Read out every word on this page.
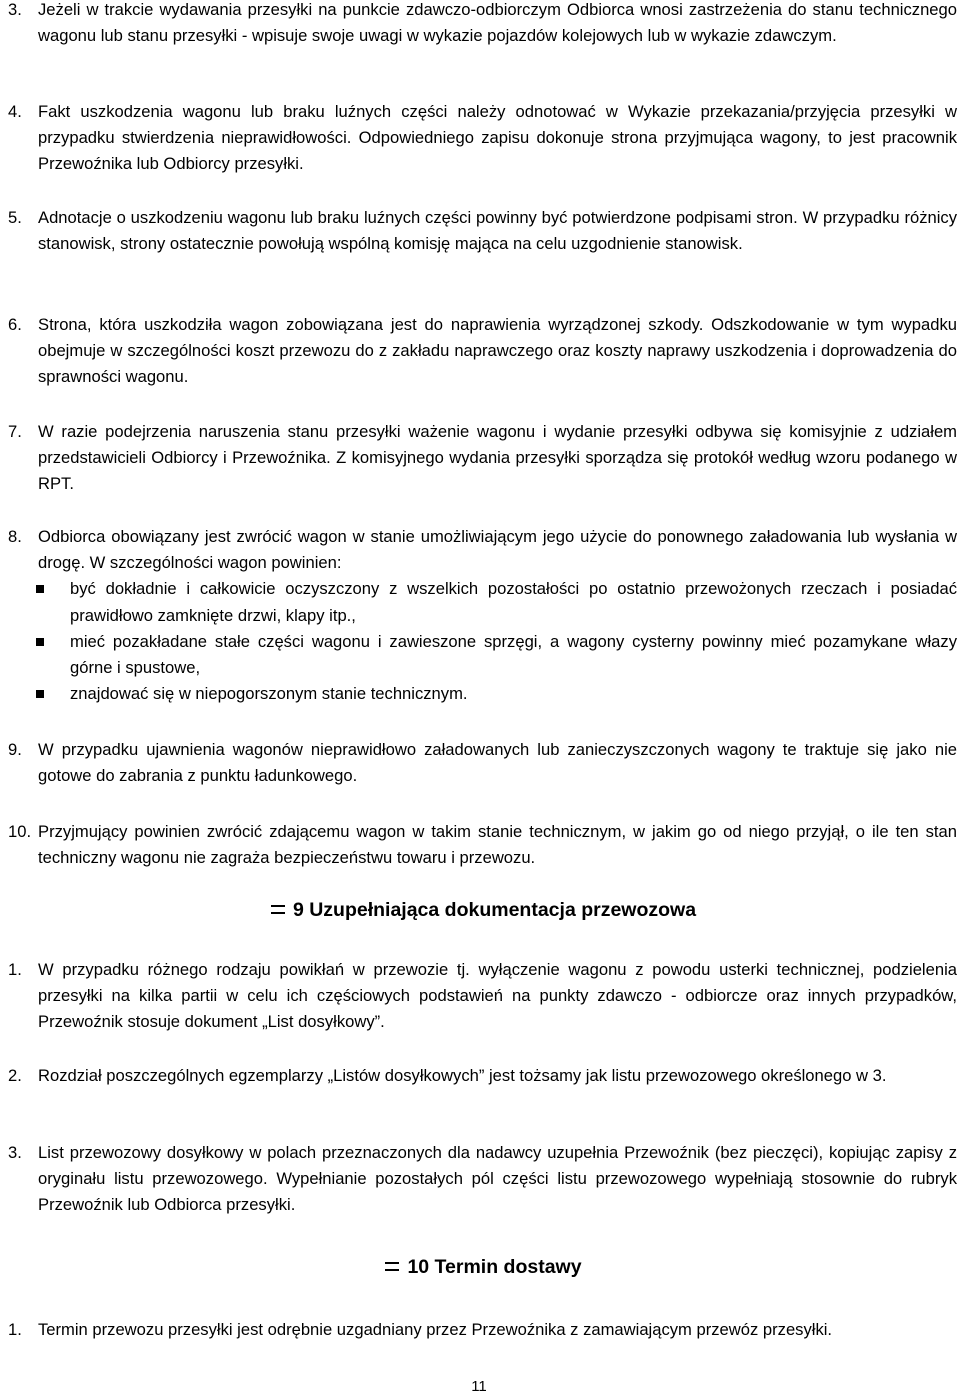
3. Jeżeli w trakcie wydawania przesyłki na punkcie zdawczo-odbiorczym Odbiorca wnosi zastrzeżenia do stanu technicznego wagonu lub stanu przesyłki - wpisuje swoje uwagi w wykazie pojazdów kolejowych lub w wykazie zdawczym.

4. Fakt uszkodzenia wagonu lub braku luźnych części należy odnotować w Wykazie przekazania/przyjęcia przesyłki w przypadku stwierdzenia nieprawidłowości. Odpowiedniego zapisu dokonuje strona przyjmująca wagony, to jest pracownik Przewoźnika lub Odbiorcy przesyłki.

5. Adnotacje o uszkodzeniu wagonu lub braku luźnych części powinny być potwierdzone podpisami stron. W przypadku różnicy stanowisk, strony ostatecznie powołują wspólną komisję mająca na celu uzgodnienie stanowisk.

6. Strona, która uszkodziła wagon zobowiązana jest do naprawienia wyrządzonej szkody. Odszkodowanie w tym wypadku obejmuje w szczególności koszt przewozu do z zakładu naprawczego oraz koszty naprawy uszkodzenia i doprowadzenia do sprawności wagonu.

7. W razie podejrzenia naruszenia stanu przesyłki ważenie wagonu i wydanie przesyłki odbywa się komisyjnie z udziałem przedstawicieli Odbiorcy i Przewoźnika. Z komisyjnego wydania przesyłki sporządza się protokół według wzoru podanego w RPT.

8. Odbiorca obowiązany jest zwrócić wagon w stanie umożliwiającym jego użycie do ponownego załadowania lub wysłania w drogę. W szczególności wagon powinien:

być dokładnie i całkowicie oczyszczony z wszelkich pozostałości po ostatnio przewożonych rzeczach i posiadać prawidłowo zamknięte drzwi, klapy itp.,
mieć pozakładane stałe części wagonu i zawieszone sprzęgi, a wagony cysterny powinny mieć pozamykane włazy górne i spustowe,
znajdować się w niepogorszonym stanie technicznym.
9. W przypadku ujawnienia wagonów nieprawidłowo załadowanych lub zanieczyszczonych wagony te traktuje się jako nie gotowe do zabrania z punktu ładunkowego.

10. Przyjmujący powinien zwrócić zdającemu wagon w takim stanie technicznym, w jakim go od niego przyjął, o ile ten stan techniczny wagonu nie zagraża bezpieczeństwu towaru i przewozu.

9 Uzupełniająca dokumentacja przewozowa
1. W przypadku różnego rodzaju powikłań w przewozie tj. wyłączenie wagonu z powodu usterki technicznej, podzielenia przesyłki na kilka partii w celu ich częściowych podstawień na punkty zdawczo - odbiorcze oraz innych przypadków, Przewoźnik stosuje dokument „List dosyłkowy”.

2. Rozdział poszczególnych egzemplarzy „Listów dosyłkowych” jest tożsamy jak listu przewozowego określonego w 3.

3. List przewozowy dosyłkowy w polach przeznaczonych dla nadawcy uzupełnia Przewoźnik (bez pieczęci), kopiując zapisy z oryginału listu przewozowego. Wypełnianie pozostałych pól części listu przewozowego wypełniają stosownie do rubryk Przewoźnik lub Odbiorca przesyłki.

10 Termin dostawy
1. Termin przewozu przesyłki jest odrębnie uzgadniany przez Przewoźnika z zamawiającym przewóz przesyłki.

11
